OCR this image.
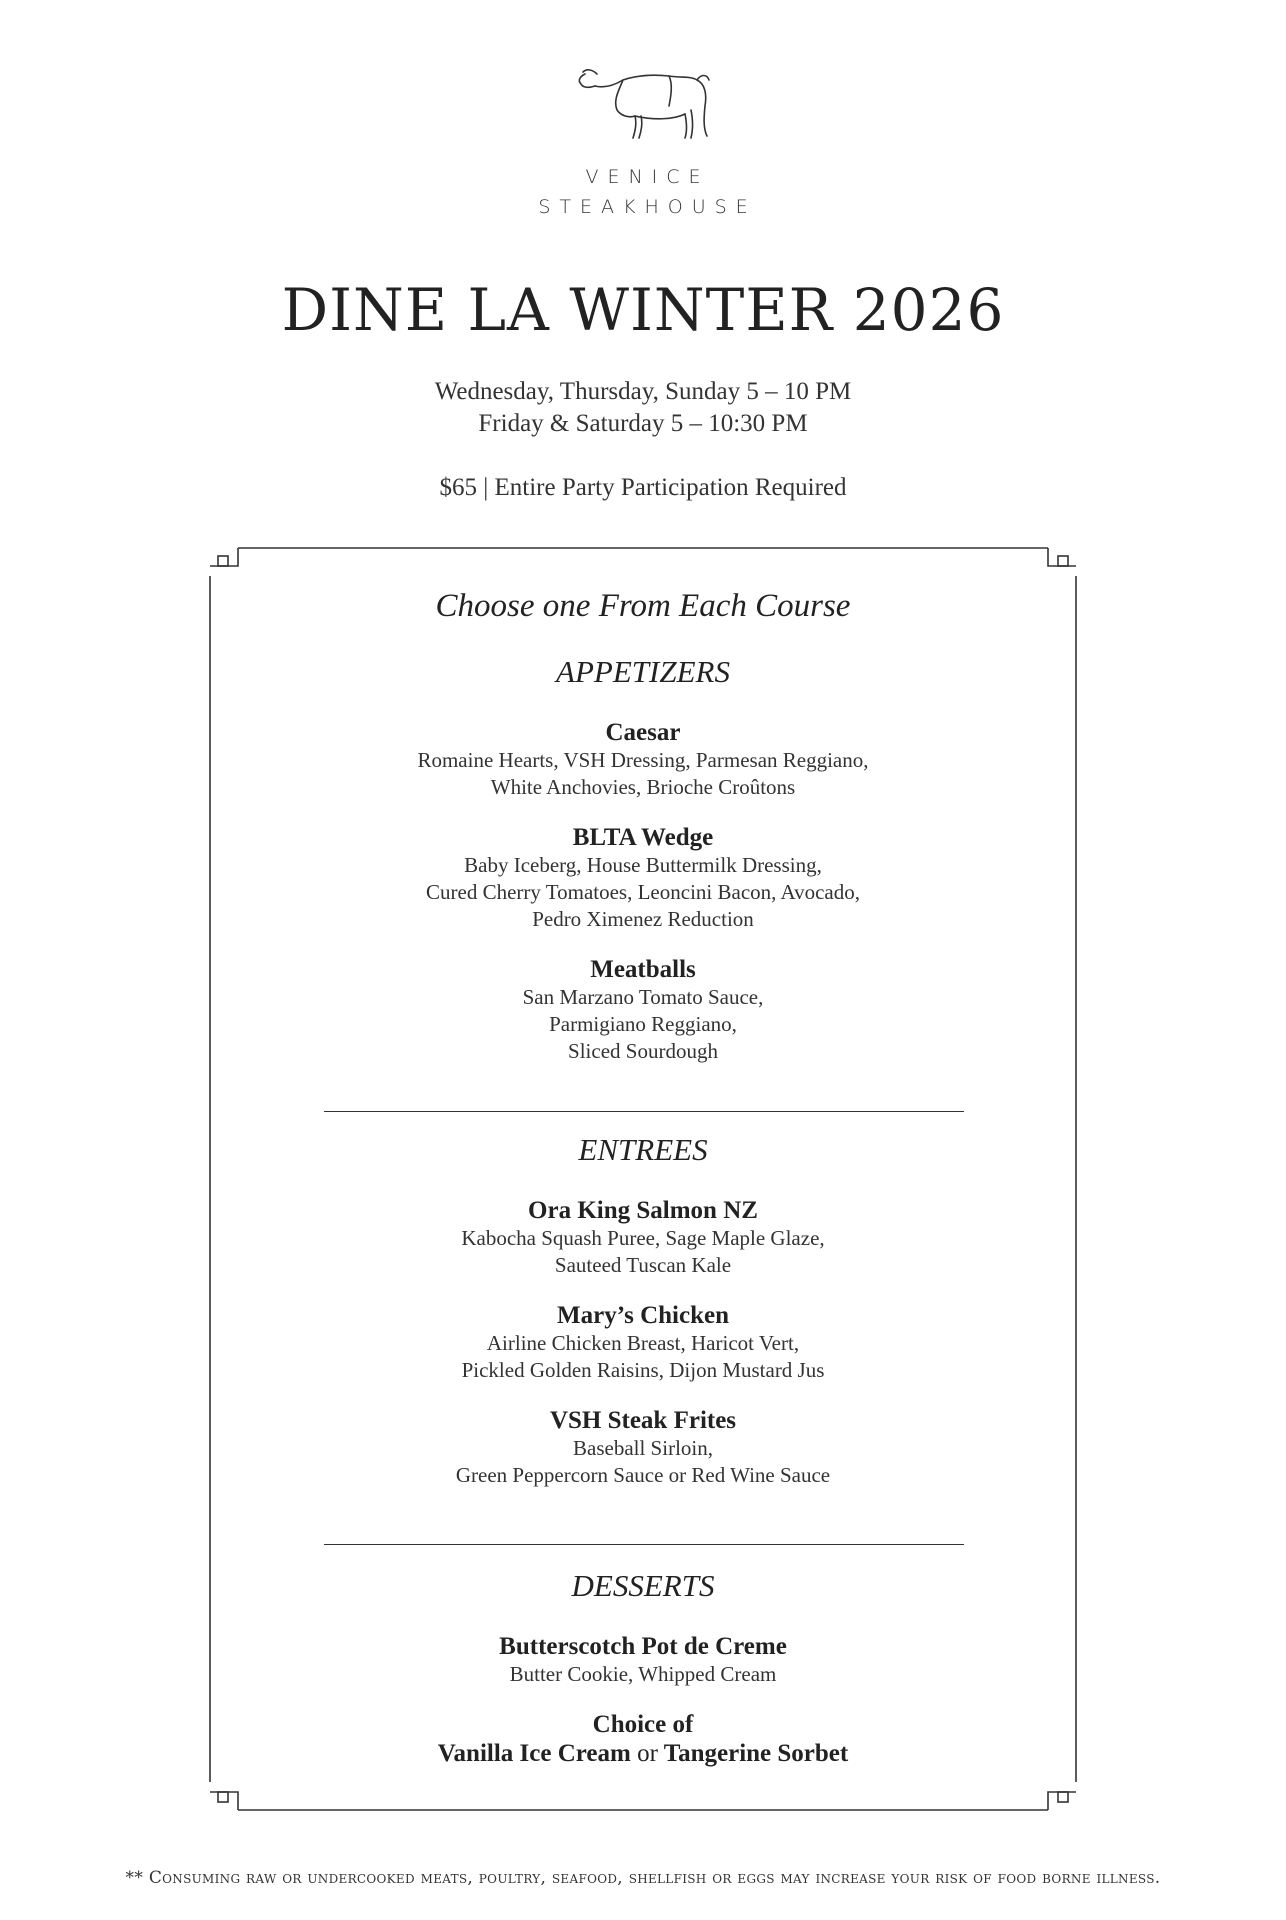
VENICE
STEAKHOUSE
DINE LA WINTER 2026
Wednesday, Thursday, Sunday 5 – 10 PM
Friday & Saturday 5 – 10:30 PM
$65 | Entire Party Participation Required
Choose one From Each Course
APPETIZERS

Caesar

Romaine Hearts, VSH Dressing, Parmesan Reggiano,

White Anchovies, Brioche Croûtons

BLTA Wedge

Baby Iceberg, House Buttermilk Dressing,

Cured Cherry Tomatoes, Leoncini Bacon, Avocado,

Pedro Ximenez Reduction

Meatballs

San Marzano Tomato Sauce,

Parmigiano Reggiano,

Sliced Sourdough

ENTREES

Ora King Salmon NZ

Kabocha Squash Puree, Sage Maple Glaze,

Sauteed Tuscan Kale

Mary’s Chicken

Airline Chicken Breast, Haricot Vert,

Pickled Golden Raisins, Dijon Mustard Jus

VSH Steak Frites

Baseball Sirloin,

Green Peppercorn Sauce or Red Wine Sauce

DESSERTS

Butterscotch Pot de Creme

Butter Cookie, Whipped Cream

Choice of

Vanilla Ice Cream or Tangerine Sorbet

** Consuming raw or undercooked meats, poultry, seafood, shellfish or eggs may increase your risk of food borne illness.
